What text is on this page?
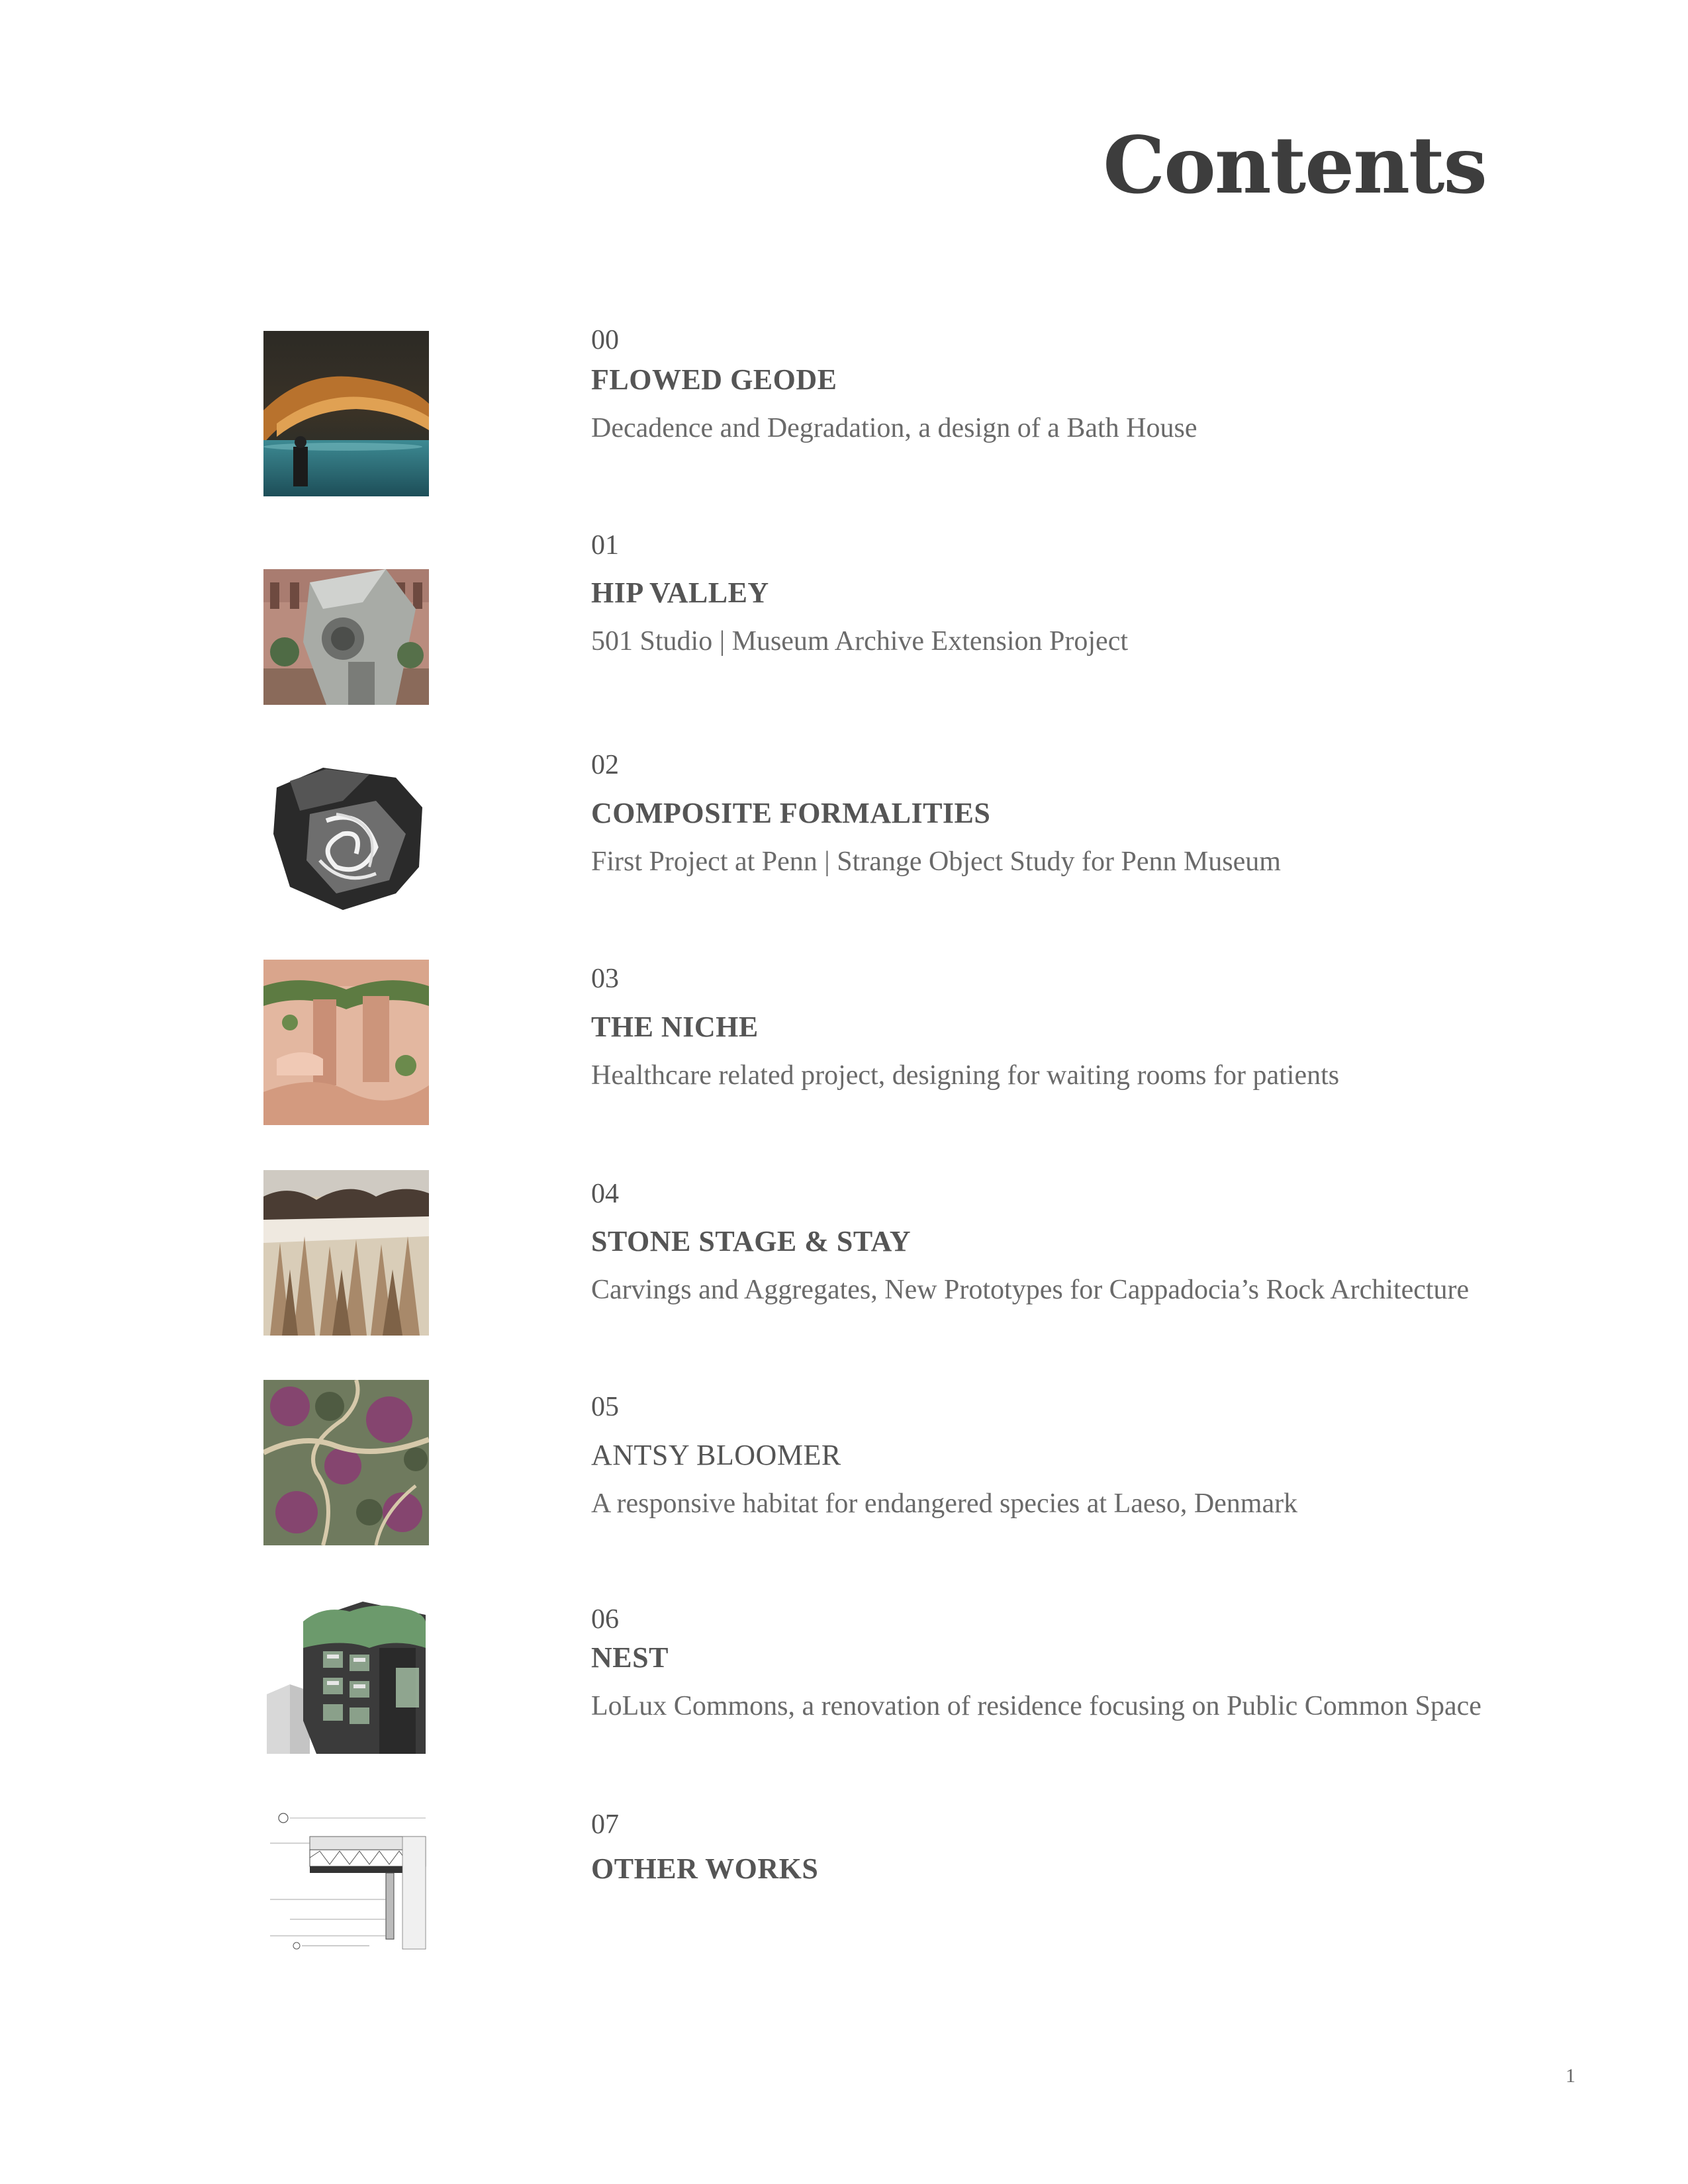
Contents
00
FLOWED GEODE
Decadence and Degradation, a design of a Bath House
01
HIP VALLEY
501 Studio | Museum Archive Extension Project
02
COMPOSITE FORMALITIES
First Project at Penn | Strange Object Study for Penn Museum
03
THE NICHE
Healthcare related project, designing for waiting rooms for patients
04
STONE STAGE & STAY
Carvings and Aggregates, New Prototypes for Cappadocia’s Rock Architecture
05
ANTSY BLOOMER
A responsive habitat for endangered species at Laeso, Denmark
06
NEST
LoLux Commons, a renovation of residence focusing on Public Common Space
07
OTHER WORKS
1
